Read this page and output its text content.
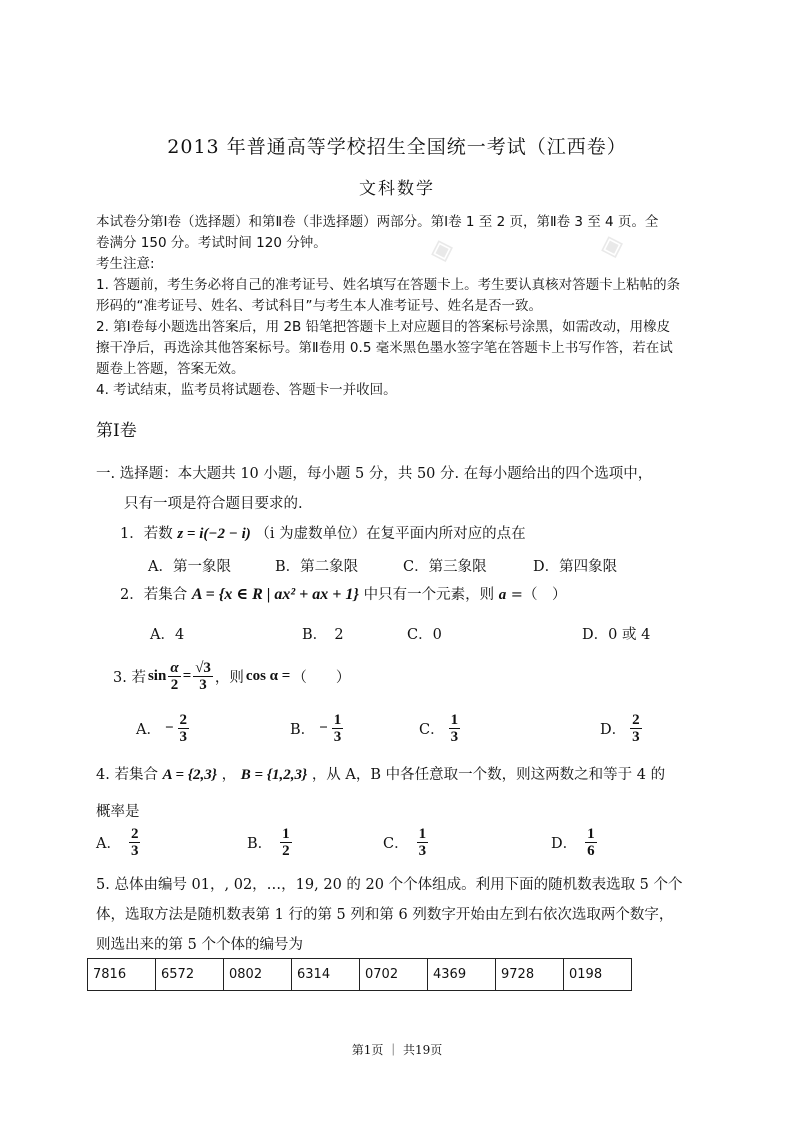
◈	◈
2013 年普通高等学校招生全国统一考试（江西卷）
文科数学
本试卷分第Ⅰ卷（选择题）和第Ⅱ卷（非选择题）两部分。第Ⅰ卷 1 至 2 页，第Ⅱ卷 3 至 4 页。全
卷满分 150 分。考试时间 120 分钟。
考生注意:
1. 答题前，考生务必将自己的准考证号、姓名填写在答题卡上。考生要认真核对答题卡上粘帖的条
形码的“准考证号、姓名、考试科目”与考生本人准考证号、姓名是否一致。
2. 第Ⅰ卷每小题选出答案后，用 2B 铅笔把答题卡上对应题目的答案标号涂黑，如需改动，用橡皮
擦干净后，再选涂其他答案标号。第Ⅱ卷用 0.5 毫米黑色墨水签字笔在答题卡上书写作答，若在试
题卷上答题，答案无效。
4. 考试结束，监考员将试题卷、答题卡一并收回。
第Ⅰ卷
一. 选择题：本大题共 10 小题，每小题 5 分，共 50 分. 在每小题给出的四个选项中，
只有一项是符合题目要求的.
1．若数 z = i(−2 − i) （i 为虚数单位）在复平面内所对应的点在
A．第一象限	B．第二象限	C．第三象限	D．第四象限
2．若集合 A = {x ∈ R | ax² + ax + 1} 中只有一个元素，则 a =（　）
A．4	B．　2	C．0	D．0 或 4
3. 若 $\sin \frac{\alpha}{2} = \frac{√3}{3}$ ，则 cos α = （　　）
A． − $\frac{2}{3}$	B． − $\frac{1}{3}$	C． $\frac{1}{3}$	D． $\frac{2}{3}$
4. 若集合 A = {2,3} ， B = {1,2,3} ，从 A，B 中各任意取一个数，则这两数之和等于 4 的
概率是
A． $\frac{2}{3}$	B． $\frac{1}{2}$	C． $\frac{1}{3}$	D． $\frac{1}{6}$
5. 总体由编号 01，, 02，…，19, 20 的 20 个个体组成。利用下面的随机数表选取 5 个个
体，选取方法是随机数表第 1 行的第 5 列和第 6 列数字开始由左到右依次选取两个数字，
则选出来的第 5 个个体的编号为
7816	6572	0802	6314	0702	4369	9728	0198
第1页 ｜ 共19页
